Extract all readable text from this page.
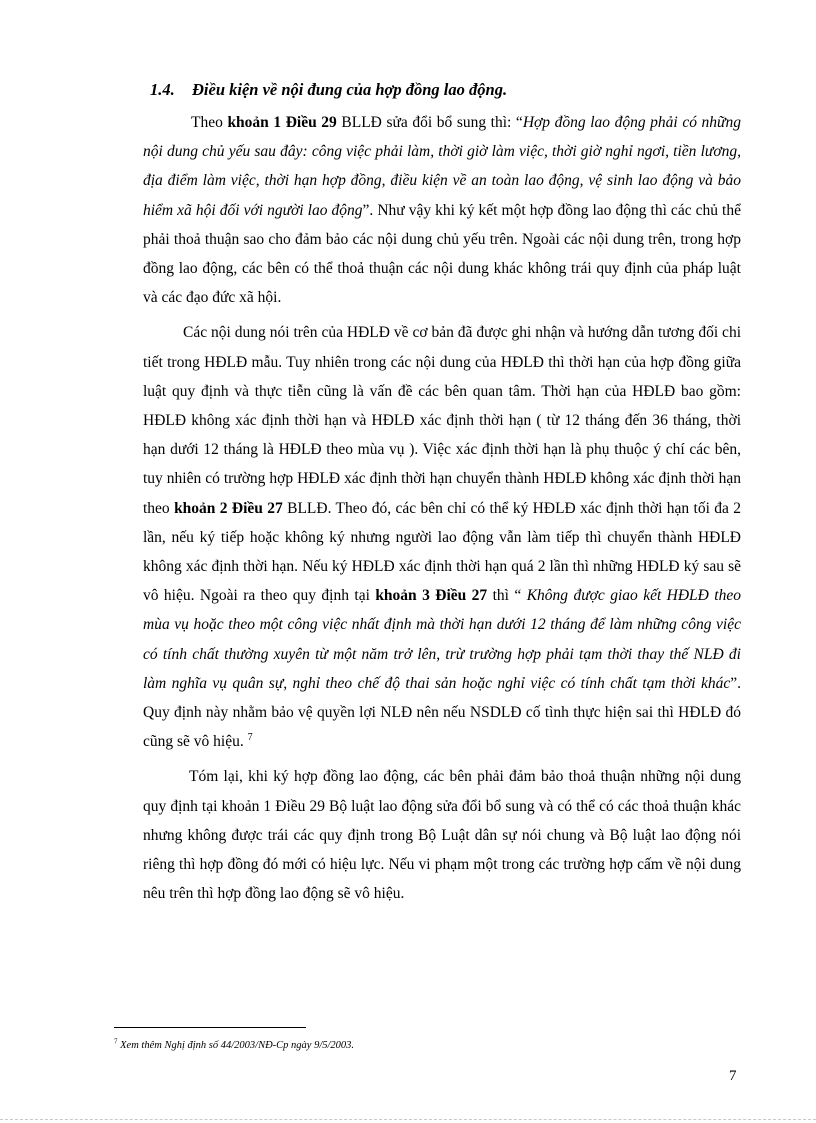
1.4. Điều kiện về nội đung của hợp đồng lao động.

Theo khoản 1 Điều 29 BLLĐ sửa đổi bổ sung thì: “Hợp đồng lao động phải có những nội dung chủ yếu sau đây: công việc phải làm, thời giờ làm việc, thời giờ nghỉ ngơi, tiền lương, địa điểm làm việc, thời hạn hợp đồng, điều kiện về an toàn lao động, vệ sinh lao động và bảo hiểm xã hội đối với người lao động”. Như vậy khi ký kết một hợp đồng lao động thì các chủ thể phải thoả thuận sao cho đảm bảo các nội dung chủ yếu trên. Ngoài các nội dung trên, trong hợp đồng lao động, các bên có thể thoả thuận các nội dung khác không trái quy định của pháp luật và các đạo đức xã hội.

Các nội dung nói trên của HĐLĐ về cơ bản đã được ghi nhận và hướng dẫn tương đối chi tiết trong HĐLĐ mẫu. Tuy nhiên trong các nội dung của HĐLĐ thì thời hạn của hợp đồng giữa luật quy định và thực tiễn cũng là vấn đề các bên quan tâm. Thời hạn của HĐLĐ bao gồm: HĐLĐ không xác định thời hạn và HĐLĐ xác định thời hạn ( từ 12 tháng đến 36 tháng, thời hạn dưới 12 tháng là HĐLĐ theo mùa vụ ). Việc xác định thời hạn là phụ thuộc ý chí các bên, tuy nhiên có trường hợp HĐLĐ xác định thời hạn chuyển thành HĐLĐ không xác định thời hạn theo khoản 2 Điều 27 BLLĐ. Theo đó, các bên chỉ có thể ký HĐLĐ xác định thời hạn tối đa 2 lần, nếu ký tiếp hoặc không ký nhưng người lao động vẫn làm tiếp thì chuyển thành HĐLĐ không xác định thời hạn. Nếu ký HĐLĐ xác định thời hạn quá 2 lần thì những HĐLĐ ký sau sẽ vô hiệu. Ngoài ra theo quy định tại khoản 3 Điều 27 thì “ Không được giao kết HĐLĐ theo mùa vụ hoặc theo một công việc nhất định mà thời hạn dưới 12 tháng để làm những công việc có tính chất thường xuyên từ một năm trở lên, trừ trường hợp phải tạm thời thay thế NLĐ đi làm nghĩa vụ quân sự, nghỉ theo chế độ thai sản hoặc nghỉ việc có tính chất tạm thời khác”. Quy định này nhằm bảo vệ quyền lợi NLĐ nên nếu NSDLĐ cố tình thực hiện sai thì HĐLĐ đó cũng sẽ vô hiệu. $^7$

Tóm lại, khi ký hợp đồng lao động, các bên phải đảm bảo thoả thuận những nội dung quy định tại khoản 1 Điều 29 Bộ luật lao động sửa đổi bổ sung và có thể có các thoả thuận khác nhưng không được trái các quy định trong Bộ Luật dân sự nói chung và Bộ luật lao động nói riêng thì hợp đồng đó mới có hiệu lực. Nếu vi phạm một trong các trường hợp cấm về nội dung nêu trên thì hợp đồng lao động sẽ vô hiệu.

$^7$ Xem thêm Nghị định số 44/2003/NĐ-Cp ngày 9/5/2003.
7
